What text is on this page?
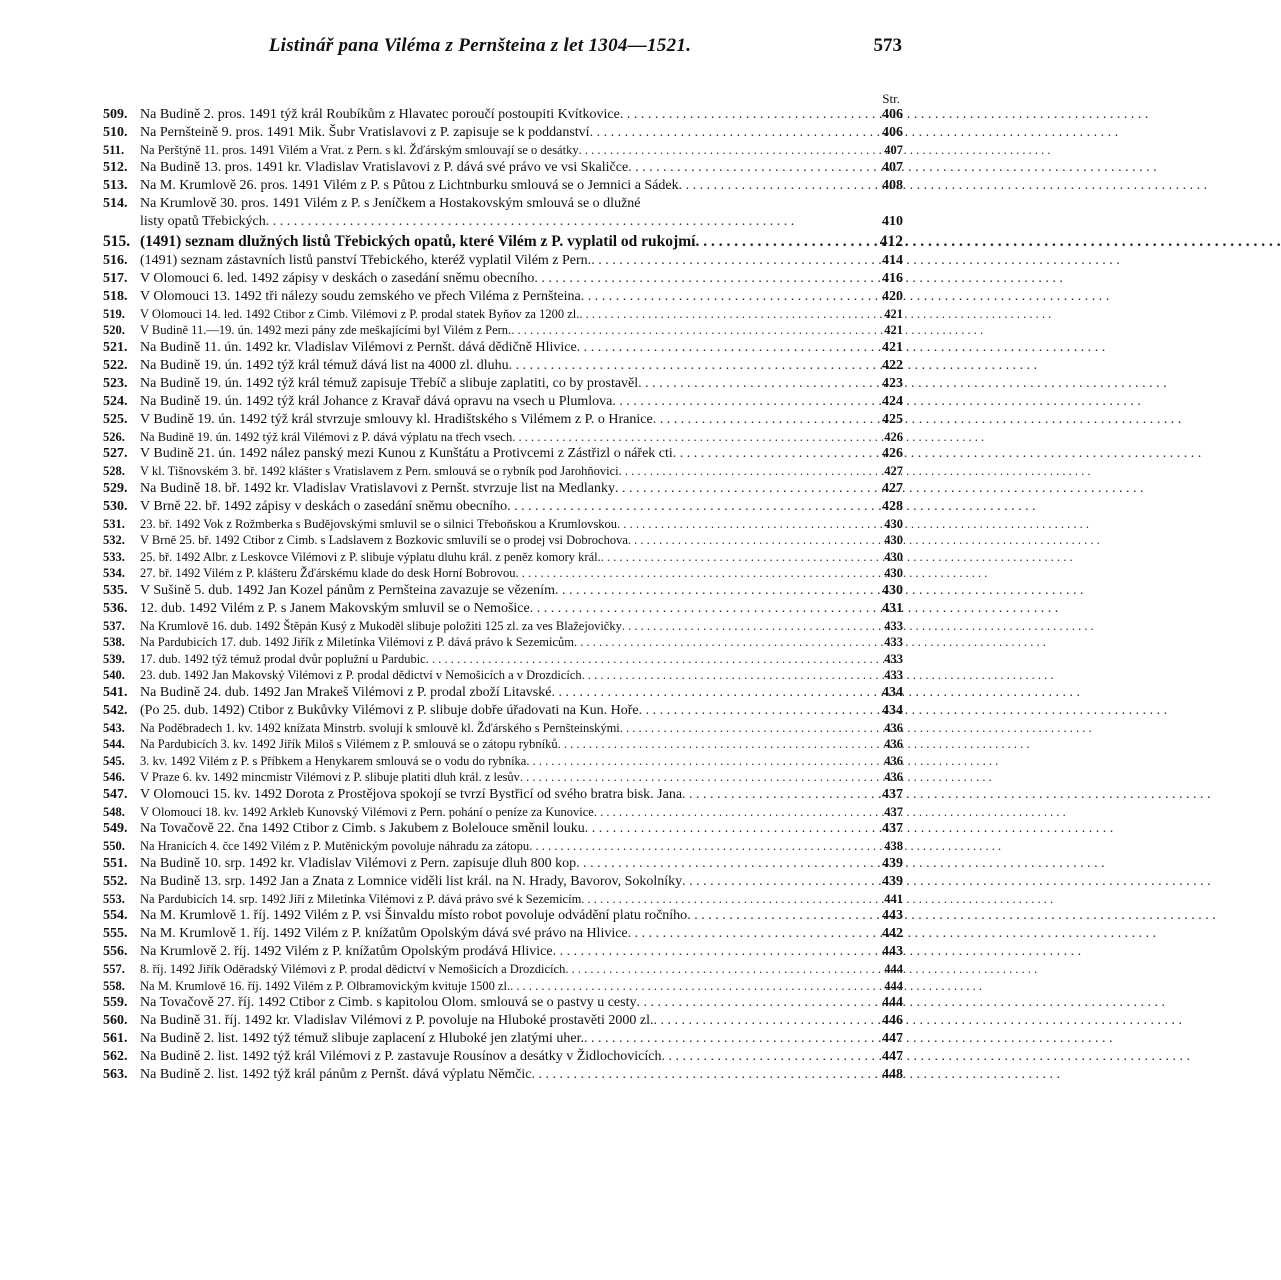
Listinář pana Viléma z Pernšteina z let 1304—1521.	573
Str.
509. Na Budině 2. pros. 1491 týž král Roubíkům z Hlavatec poroučí postoupiti Kvítkovice . . .	406
510. Na Pernšteině 9. pros. 1491 Mik. Šubr Vratislavovi z P. zapisuje se k poddanství . . .	406
511.	Na Perštýně 11. pros. 1491 Vilém a Vrat. z Pern. s kl. Žďárským smlouvají se o desátky . . .	407
512. Na Budině 13. pros. 1491 kr. Vladislav Vratislavovi z P. dává své právo ve vsi Skaličce . . .	407
513. Na M. Krumlově 26. pros. 1491 Vilém z P. s Půtou z Lichtnburku smlouvá se o Jemnici a Sádek . . .	408
514. Na Krumlově 30. pros. 1491 Vilém z P. s Jeníčkem a Hostakovským smlouvá se o dlužné
listy opatů Třebických . . .	410
515. (1491) seznam dlužných listů Třebických opatů, které Vilém z P. vyplatil od rukojmí . . .	412
516. (1491) seznam zástavních listů panství Třebického, kteréž vyplatil Vilém z Pern. . . .	414
517. V Olomouci 6. led. 1492 zápisy v deskách o zasedání sněmu obecního . . .	416
518. V Olomouci 13. 1492 tři nálezy soudu zemského ve přech Viléma z Pernšteina . . .	420
519.	V Olomouci 14. led. 1492 Ctibor z Cimb. Vilémovi z P. prodal statek Byňov za 1200 zl. . . .	421
520.	V Budině 11.—19. ún. 1492 mezi pány zde meškajícími byl Vilém z Pern. . . .	421
521. Na Budině 11. ún. 1492 kr. Vladislav Vilémovi z Pernšt. dává dědičně Hlivice . . .	421
522. Na Budině 19. ún. 1492 týž král témuž dává list na 4000 zl. dluhu . . .	422
523. Na Budině 19. ún. 1492 týž král témuž zapisuje Třebíč a slibuje zaplatiti, co by prostavěl . . .	423
524. Na Budině 19. ún. 1492 týž král Johance z Kravař dává opravu na vsech u Plumlova . . .	424
525. V Budině 19. ún. 1492 týž král stvrzuje smlouvy kl. Hradištského s Vilémem z P. o Hranice . . .	425
526.	Na Budině 19. ún. 1492 týž král Vilémovi z P. dává výplatu na třech vsech . . .	426
527. V Budině 21. ún. 1492 nález panský mezi Kunou z Kunštátu a Protivcemi z Zástřizl o nářek cti . . .	426
528.	V kl. Tišnovském 3. bř. 1492 klášter s Vratislavem z Pern. smlouvá se o rybník pod Jarohňovici . . .	427
529. Na Budině 18. bř. 1492 kr. Vladislav Vratislavovi z Pernšt. stvrzuje list na Medlanky . . .	427
530. V Brně 22. bř. 1492 zápisy v deskách o zasedání sněmu obecního . . .	428
531.	23. bř. 1492 Vok z Rožmberka s Budějovskými smluvil se o silnici Třeboňskou a Krumlovskou . . .	430
532.	V Brně 25. bř. 1492 Ctibor z Cimb. s Ladslavem z Bozkovic smluvili se o prodej vsi Dobrochova . . .	430
533.	25. bř. 1492 Albr. z Leskovce Vilémovi z P. slibuje výplatu dluhu král. z peněz komory král. . . .	430
534.	27. bř. 1492 Vilém z P. klášteru Žďárskému klade do desk Horní Bobrovou . . .	430
535. V Sušině 5. dub. 1492 Jan Kozel pánům z Pernšteina zavazuje se vězením . . .	430
536. 12. dub. 1492 Vilém z P. s Janem Makovským smluvil se o Nemošice . . .	431
537.	Na Krumlově 16. dub. 1492 Štěpán Kusý z Mukoděl slibuje položiti 125 zl. za ves Blažejovičky . . .	433
538.	Na Pardubicích 17. dub. 1492 Jiřík z Miletínka Vilémovi z P. dává právo k Sezemicům . . .	433
539.	17. dub. 1492 týž témuž prodal dvůr poplužní u Pardubic . . .	433
540.	23. dub. 1492 Jan Makovský Vilémovi z P. prodal dědictví v Nemošicích a v Drozdicích . . .	433
541. Na Budině 24. dub. 1492 Jan Mrakeš Vilémovi z P. prodal zboží Litavské . . .	434
542. (Po 25. dub. 1492) Ctibor z Bukůvky Vilémovi z P. slibuje dobře úřadovati na Kun. Hoře . . .	434
543.	Na Poděbradech 1. kv. 1492 knížata Minstrb. svolují k smlouvě kl. Žďárského s Pernšteinskými . . .	436
544.	Na Pardubicích 3. kv. 1492 Jiřík Miloš s Vilémem z P. smlouvá se o zátopu rybníků . . .	436
545.	3. kv. 1492 Vilém z P. s Příbkem a Henykarem smlouvá se o vodu do rybníka . . .	436
546.	V Praze 6. kv. 1492 mincmistr Vilémovi z P. slibuje platiti dluh král. z lesův . . .	436
547. V Olomouci 15. kv. 1492 Dorota z Prostějova spokojí se tvrzí Bystřicí od svého bratra bisk. Jana . . .	437
548.	V Olomouci 18. kv. 1492 Arkleb Kunovský Vilémovi z Pern. pohání o peníze za Kunovice . . .	437
549. Na Tovačově 22. čna 1492 Ctibor z Cimb. s Jakubem z Bolelouce směnil louku . . .	437
550.	Na Hranicích 4. čce 1492 Vilém z P. Mutěnickým povoluje náhradu za zátopu . . .	438
551. Na Budině 10. srp. 1492 kr. Vladislav Vilémovi z Pern. zapisuje dluh 800 kop . . .	439
552. Na Budině 13. srp. 1492 Jan a Znata z Lomnice viděli list král. na N. Hrady, Bavorov, Sokolníky . . .	439
553.	Na Pardubicích 14. srp. 1492 Jiří z Miletínka Vilémovi z P. dává právo své k Sezemicím . . .	441
554. Na M. Krumlově 1. říj. 1492 Vilém z P. vsi Šinvaldu místo robot povoluje odvádění platu ročního . . .	443
555. Na M. Krumlově 1. říj. 1492 Vilém z P. knížatům Opolským dává své právo na Hlivice . . .	442
556. Na Krumlově 2. říj. 1492 Vilém z P. knížatům Opolským prodává Hlivice . . .	443
557.	8. říj. 1492 Jiřík Oděradský Vilémovi z P. prodal dědictví v Nemošicích a Drozdicích . . .	444
558.	Na M. Krumlově 16. říj. 1492 Vilém z P. Olbramovickým kvituje 1500 zl. . . .	444
559. Na Tovačově 27. říj. 1492 Ctibor z Cimb. s kapitolou Olom. smlouvá se o pastvy u cesty . . .	444
560. Na Budině 31. říj. 1492 kr. Vladislav Vilémovi z P. povoluje na Hluboké prostavěti 2000 zl. . . .	446
561. Na Budině 2. list. 1492 týž témuž slibuje zaplacení z Hluboké jen zlatými uher. . . .	447
562. Na Budině 2. list. 1492 týž král Vilémovi z P. zastavuje Rousínov a desátky v Židlochovicích . . .	447
563. Na Budině 2. list. 1492 týž král pánům z Pernšt. dává výplatu Němčic . . .	448
